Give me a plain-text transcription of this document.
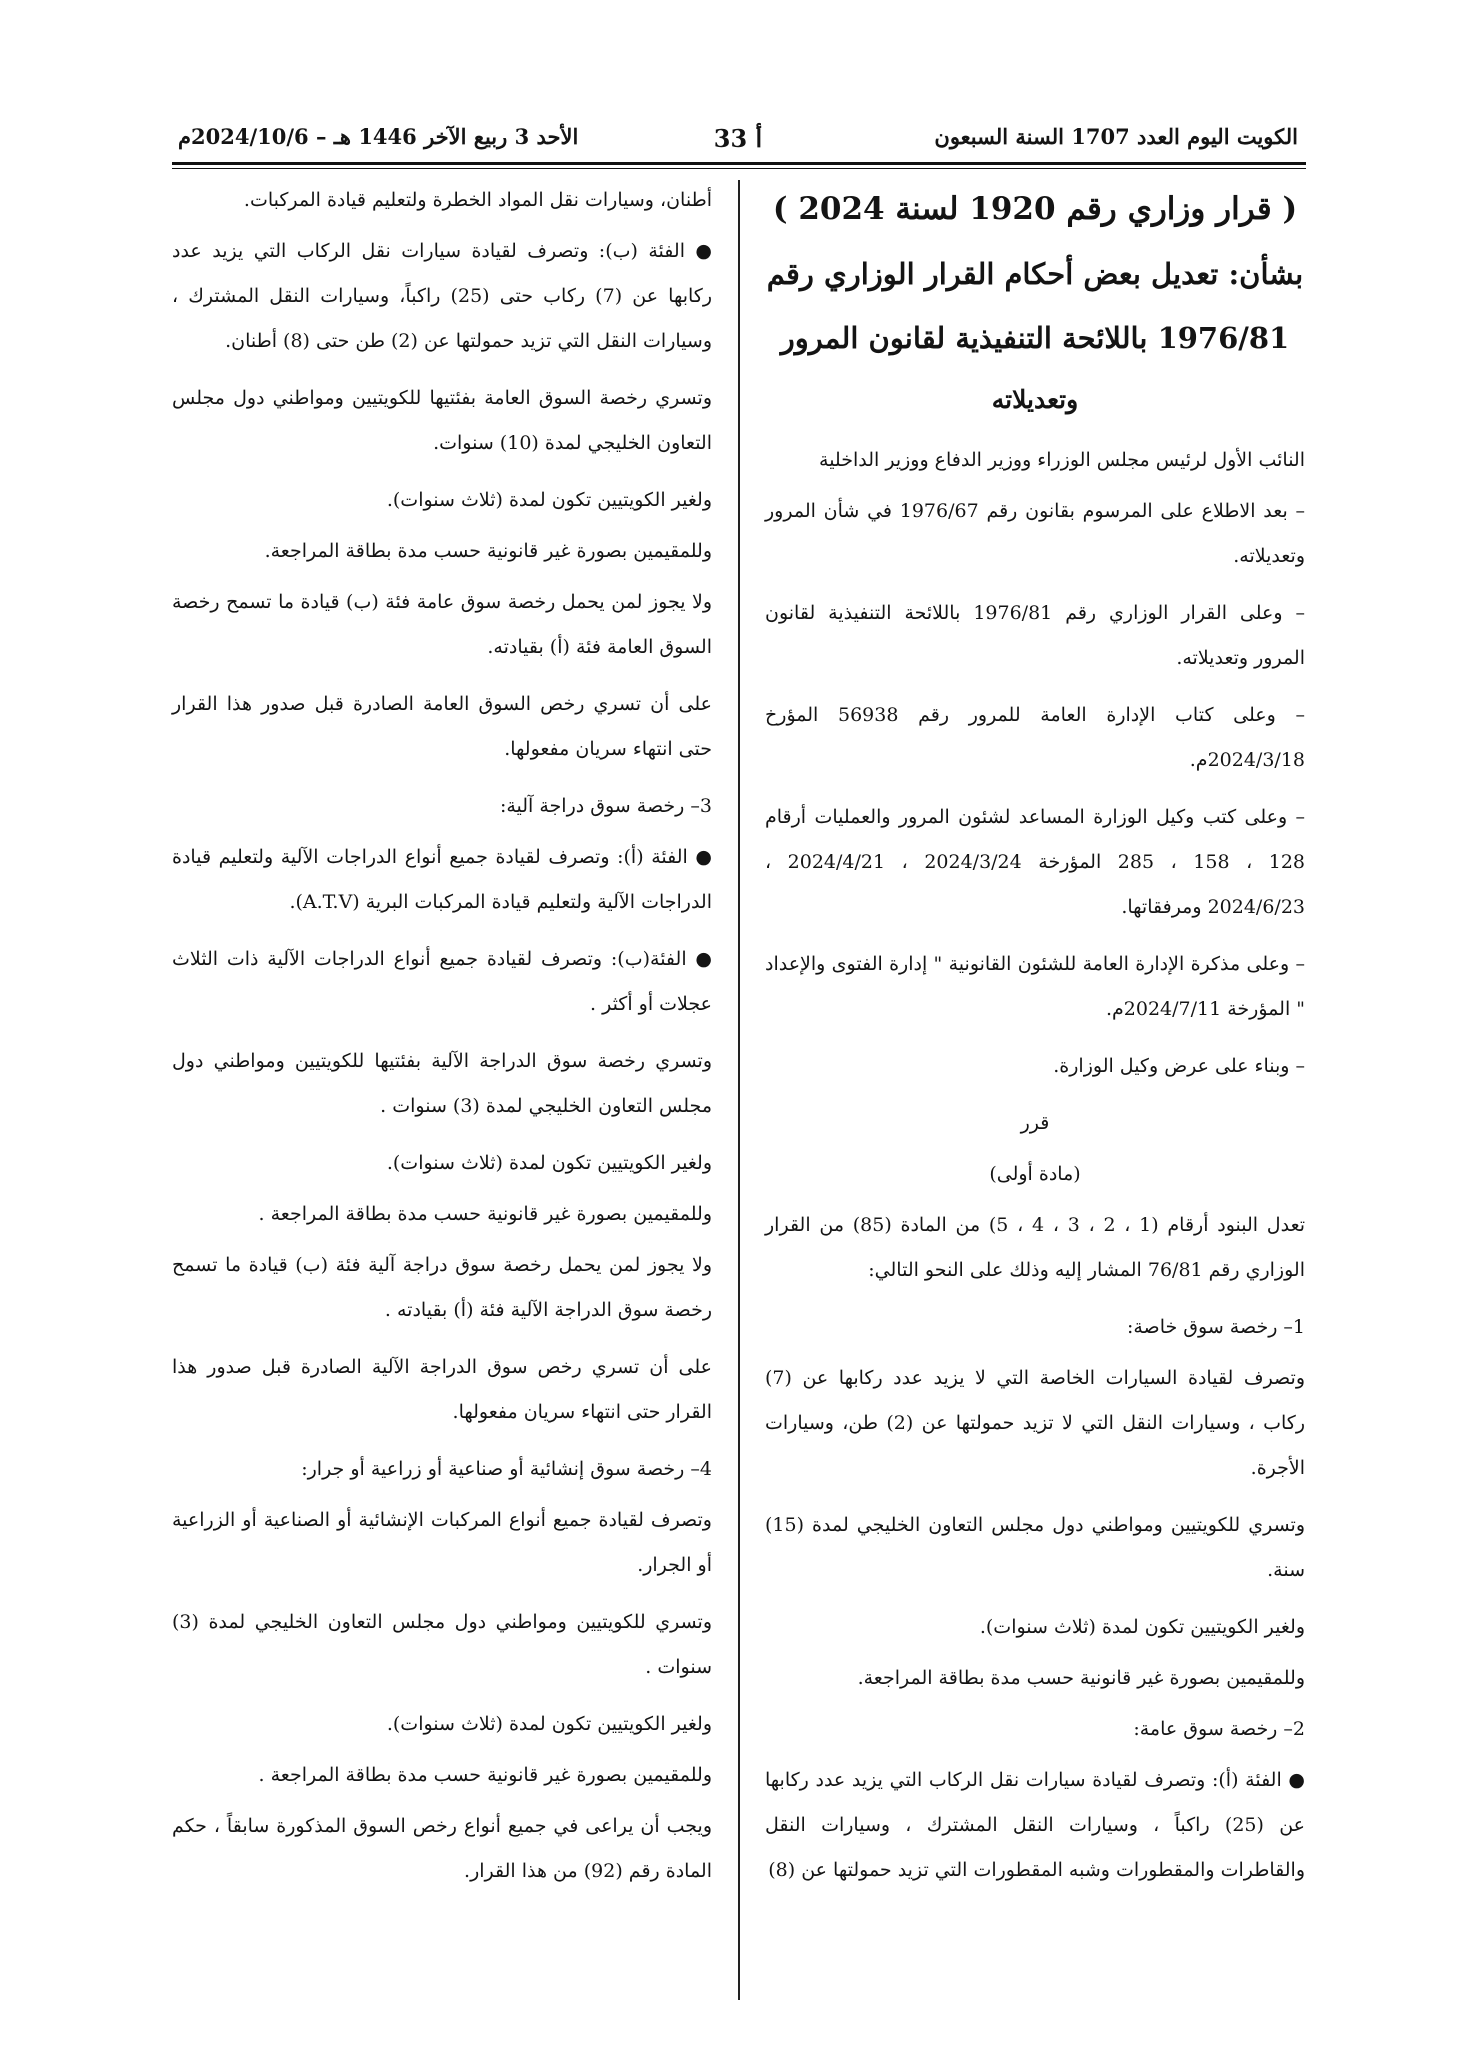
الكويت اليوم العدد 1707 السنة السبعون
أ 33
الأحد 3 ربيع الآخر 1446 هـ – 2024/10/6م
( قرار وزاري رقم 1920 لسنة 2024 )
بشأن: تعديل بعض أحكام القرار الوزاري رقم
1976/81 باللائحة التنفيذية لقانون المرور
وتعديلاته

النائب الأول لرئيس مجلس الوزراء ووزير الدفاع ووزير الداخلية

– بعد الاطلاع على المرسوم بقانون رقم 1976/67 في شأن المرور وتعديلاته.

– وعلى القرار الوزاري رقم 1976/81 باللائحة التنفيذية لقانون المرور وتعديلاته.

– وعلى كتاب الإدارة العامة للمرور رقم 56938 المؤرخ 2024/3/18م.

– وعلى كتب وكيل الوزارة المساعد لشئون المرور والعمليات أرقام 128 ، 158 ، 285 المؤرخة 2024/3/24 ، 2024/4/21 ، 2024/6/23 ومرفقاتها.

– وعلى مذكرة الإدارة العامة للشئون القانونية " إدارة الفتوى والإعداد " المؤرخة 2024/7/11م.

– وبناء على عرض وكيل الوزارة.

قرر

(مادة أولى)

تعدل البنود أرقام (1 ، 2 ، 3 ، 4 ، 5) من المادة (85) من القرار الوزاري رقم 76/81 المشار إليه وذلك على النحو التالي:

1– رخصة سوق خاصة:

وتصرف لقيادة السيارات الخاصة التي لا يزيد عدد ركابها عن (7) ركاب ، وسيارات النقل التي لا تزيد حمولتها عن (2) طن، وسيارات الأجرة.

وتسري للكويتيين ومواطني دول مجلس التعاون الخليجي لمدة (15) سنة.

ولغير الكويتيين تكون لمدة (ثلاث سنوات).

وللمقيمين بصورة غير قانونية حسب مدة بطاقة المراجعة.

2– رخصة سوق عامة:

● الفئة (أ): وتصرف لقيادة سيارات نقل الركاب التي يزيد عدد ركابها عن (25) راكباً ، وسيارات النقل المشترك ، وسيارات النقل والقاطرات والمقطورات وشبه المقطورات التي تزيد حمولتها عن (8)

أطنان، وسيارات نقل المواد الخطرة ولتعليم قيادة المركبات.

● الفئة (ب): وتصرف لقيادة سيارات نقل الركاب التي يزيد عدد ركابها عن (7) ركاب حتى (25) راكباً، وسيارات النقل المشترك ، وسيارات النقل التي تزيد حمولتها عن (2) طن حتى (8) أطنان.

وتسري رخصة السوق العامة بفئتيها للكويتيين ومواطني دول مجلس التعاون الخليجي لمدة (10) سنوات.

ولغير الكويتيين تكون لمدة (ثلاث سنوات).

وللمقيمين بصورة غير قانونية حسب مدة بطاقة المراجعة.

ولا يجوز لمن يحمل رخصة سوق عامة فئة (ب) قيادة ما تسمح رخصة السوق العامة فئة (أ) بقيادته.

على أن تسري رخص السوق العامة الصادرة قبل صدور هذا القرار حتى انتهاء سريان مفعولها.

3– رخصة سوق دراجة آلية:

● الفئة (أ): وتصرف لقيادة جميع أنواع الدراجات الآلية ولتعليم قيادة الدراجات الآلية ولتعليم قيادة المركبات البرية (A.T.V).

● الفئة(ب): وتصرف لقيادة جميع أنواع الدراجات الآلية ذات الثلاث عجلات أو أكثر .

وتسري رخصة سوق الدراجة الآلية بفئتيها للكويتيين ومواطني دول مجلس التعاون الخليجي لمدة (3) سنوات .

ولغير الكويتيين تكون لمدة (ثلاث سنوات).

وللمقيمين بصورة غير قانونية حسب مدة بطاقة المراجعة .

ولا يجوز لمن يحمل رخصة سوق دراجة آلية فئة (ب) قيادة ما تسمح رخصة سوق الدراجة الآلية فئة (أ) بقيادته .

على أن تسري رخص سوق الدراجة الآلية الصادرة قبل صدور هذا القرار حتى انتهاء سريان مفعولها.

4– رخصة سوق إنشائية أو صناعية أو زراعية أو جرار:

وتصرف لقيادة جميع أنواع المركبات الإنشائية أو الصناعية أو الزراعية أو الجرار.

وتسري للكويتيين ومواطني دول مجلس التعاون الخليجي لمدة (3) سنوات .

ولغير الكويتيين تكون لمدة (ثلاث سنوات).

وللمقيمين بصورة غير قانونية حسب مدة بطاقة المراجعة .

ويجب أن يراعى في جميع أنواع رخص السوق المذكورة سابقاً ، حكم المادة رقم (92) من هذا القرار.
